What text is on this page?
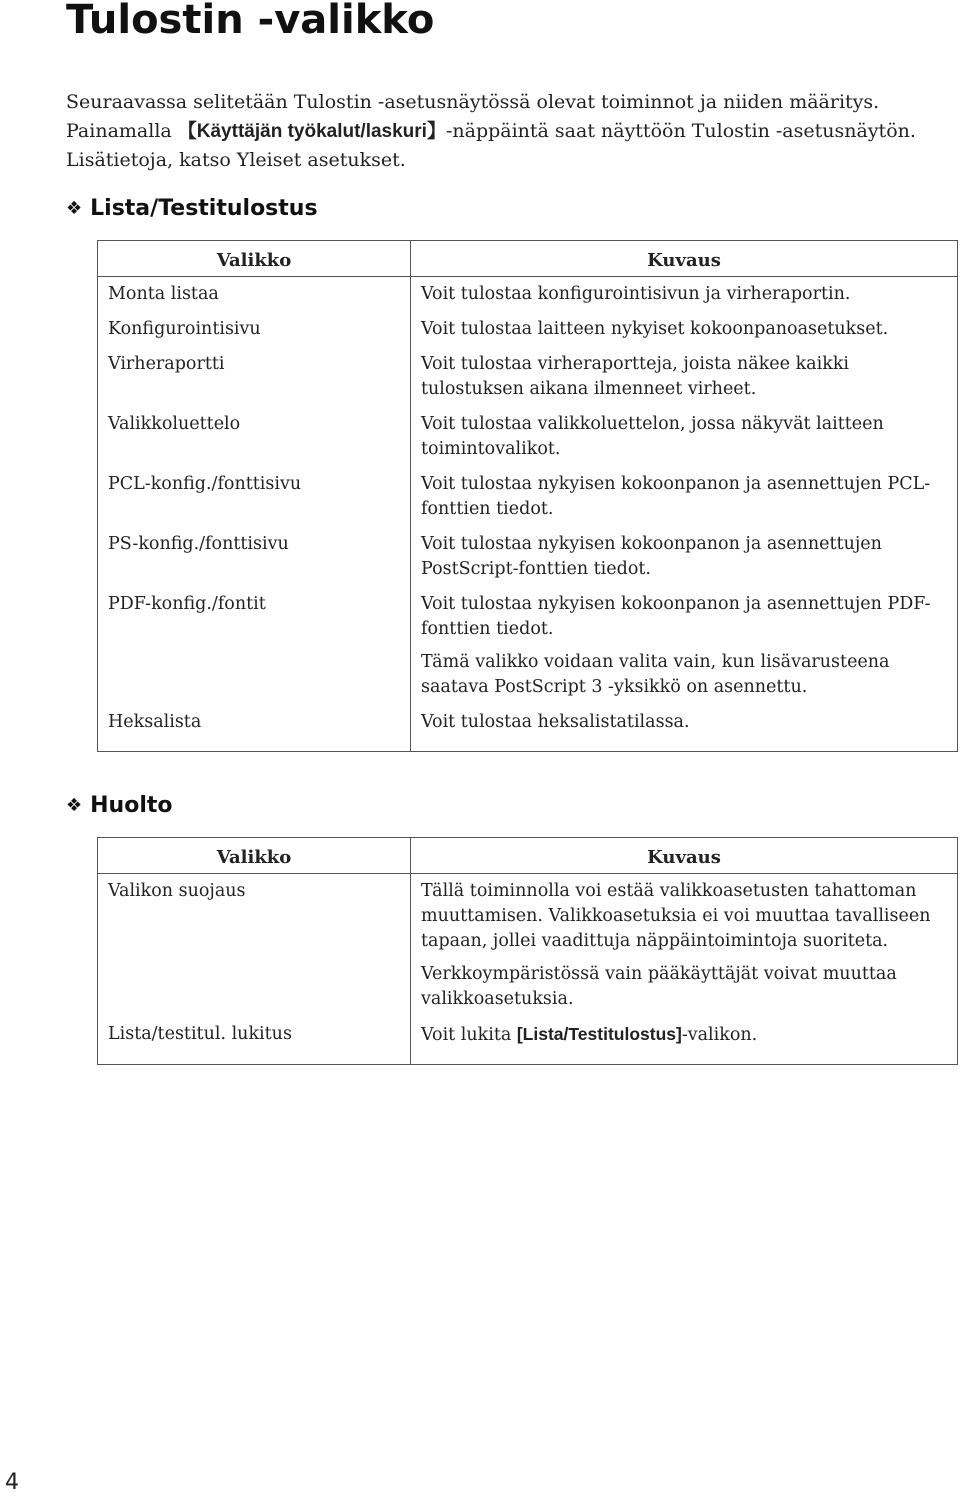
Tulostin -valikko

Seuraavassa selitetään Tulostin -asetusnäytössä olevat toiminnot ja niiden määritys. Painamalla 【Käyttäjän työkalut/laskuri】-näppäintä saat näyttöön Tulostin -asetusnäytön. Lisätietoja, katso Yleiset asetukset.

❖ Lista/Testitulostus
Valikko	Kuvaus

Monta listaa	Voit tulostaa konfigurointisivun ja virheraportin.

Konfigurointisivu	Voit tulostaa laitteen nykyiset kokoonpanoasetukset.

Virheraportti	Voit tulostaa virheraportteja, joista näkee kaikki tulostuksen aikana ilmenneet virheet.

Valikkoluettelo	Voit tulostaa valikkoluettelon, jossa näkyvät laitteen toimintovalikot.

PCL-konfig./fonttisivu	Voit tulostaa nykyisen kokoonpanon ja asennettujen PCL-fonttien tiedot.

PS-konfig./fonttisivu	Voit tulostaa nykyisen kokoonpanon ja asennettujen PostScript-fonttien tiedot.

PDF-konfig./fontit	Voit tulostaa nykyisen kokoonpanon ja asennettujen PDF-fonttien tiedot.

Tämä valikko voidaan valita vain, kun lisävarusteena saatava PostScript 3 -yksikkö on asennettu.

Heksalista	Voit tulostaa heksalistatilassa.

❖ Huolto
Valikko	Kuvaus

Valikon suojaus	Tällä toiminnolla voi estää valikkoasetusten tahattoman muuttamisen. Valikkoasetuksia ei voi muuttaa tavalliseen tapaan, jollei vaadittuja näppäintoimintoja suoriteta.

Verkkoympäristössä vain pääkäyttäjät voivat muuttaa valikkoasetuksia.

Lista/testitul. lukitus	Voit lukita [Lista/Testitulostus]-valikon.

4
